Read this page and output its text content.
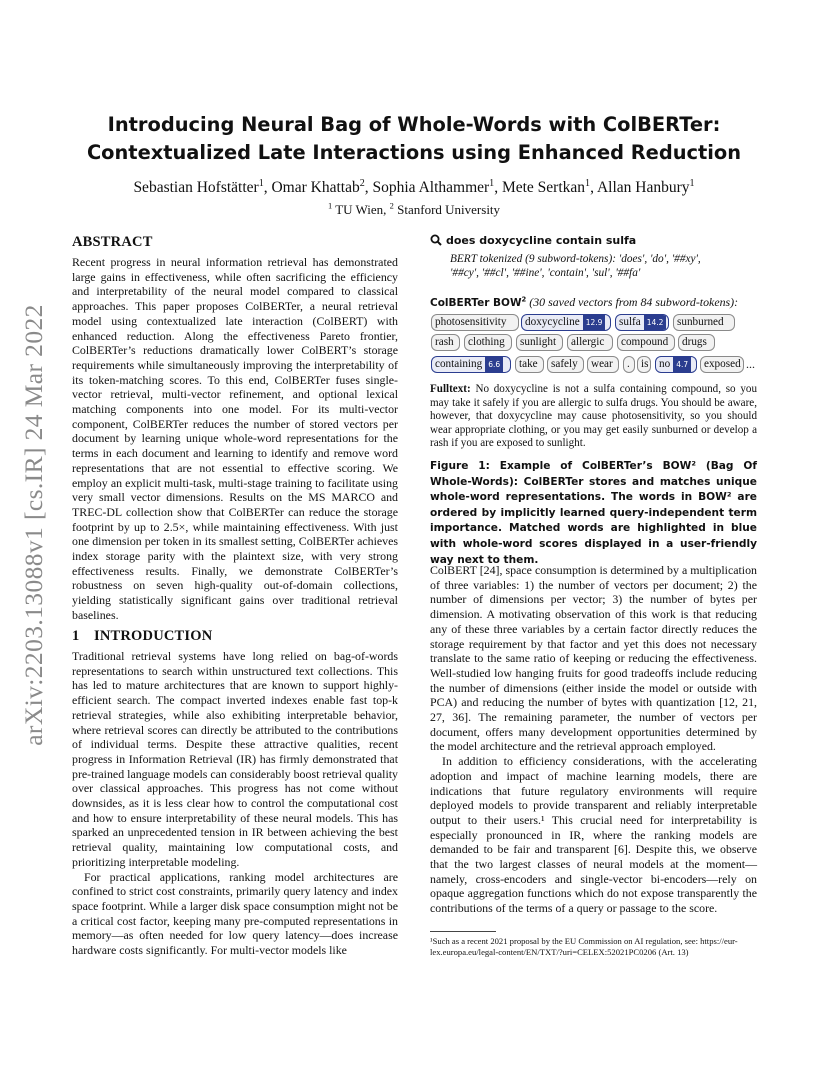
arXiv:2203.13088v1 [cs.IR] 24 Mar 2022
Introducing Neural Bag of Whole-Words with ColBERTer:
Contextualized Late Interactions using Enhanced Reduction
Sebastian Hofstätter$^1$, Omar Khattab$^2$, Sophia Althammer$^1$, Mete Sertkan$^1$, Allan Hanbury$^1$
$^1$ TU Wien, $^2$ Stanford University
ABSTRACT

Recent progress in neural information retrieval has demonstrated large gains in effectiveness, while often sacrificing the efficiency and interpretability of the neural model compared to classical approaches. This paper proposes ColBERTer, a neural retrieval model using contextualized late interaction (ColBERT) with enhanced reduction. Along the effectiveness Pareto frontier, ColBERTer’s reductions dramatically lower ColBERT’s storage requirements while simultaneously improving the interpretability of its token-matching scores. To this end, ColBERTer fuses single-vector retrieval, multi-vector refinement, and optional lexical matching components into one model. For its multi-vector component, ColBERTer reduces the number of stored vectors per document by learning unique whole-word representations for the terms in each document and learning to identify and remove word representations that are not essential to effective scoring. We employ an explicit multi-task, multi-stage training to facilitate using very small vector dimensions. Results on the MS MARCO and TREC-DL collection show that ColBERTer can reduce the storage footprint by up to 2.5×, while maintaining effectiveness. With just one dimension per token in its smallest setting, ColBERTer achieves index storage parity with the plaintext size, with very strong effectiveness results. Finally, we demonstrate ColBERTer’s robustness on seven high-quality out-of-domain collections, yielding statistically significant gains over traditional retrieval baselines.

1 INTRODUCTION

Traditional retrieval systems have long relied on bag-of-words representations to search within unstructured text collections. This has led to mature architectures that are known to support highly-efficient search. The compact inverted indexes enable fast top-k retrieval strategies, while also exhibiting interpretable behavior, where retrieval scores can directly be attributed to the contributions of individual terms. Despite these attractive qualities, recent progress in Information Retrieval (IR) has firmly demonstrated that pre-trained language models can considerably boost retrieval quality over classical approaches. This progress has not come without downsides, as it is less clear how to control the computational cost and how to ensure interpretability of these neural models. This has sparked an unprecedented tension in IR between achieving the best retrieval quality, maintaining low computational costs, and prioritizing interpretable modeling.

For practical applications, ranking model architectures are confined to strict cost constraints, primarily query latency and index space footprint. While a larger disk space consumption might not be a critical cost factor, keeping many pre-computed representations in memory—as often needed for low query latency—does increase hardware costs significantly. For multi-vector models like

does doxycycline contain sulfa
BERT tokenized (9 subword-tokens): 'does', 'do', '##xy',
'##cy', '##cl', '##ine', 'contain', 'sul', '##fa'
ColBERTer BOW$^2$ (30 saved vectors from 84 subword-tokens):
photosensitivity	doxycycline 12.9	sulfa 14.2	sunburned
rash	clothing	sunlight	allergic	compound	drugs
containing 6.6	take	safely	wear	.	is no 4.7	exposed ...
Fulltext: No doxycycline is not a sulfa containing compound, so you may take it safely if you are allergic to sulfa drugs. You should be aware, however, that doxycycline may cause photosensitivity, so you should wear appropriate clothing, or you may get easily sunburned or develop a rash if you are exposed to sunlight.
Figure 1: Example of ColBERTer’s BOW² (Bag Of Whole-Words): ColBERTer stores and matches unique whole-word representations. The words in BOW² are ordered by implicitly learned query-independent term importance. Matched words are highlighted in blue with whole-word scores displayed in a user-friendly way next to them.

ColBERT [24], space consumption is determined by a multiplication of three variables: 1) the number of vectors per document; 2) the number of dimensions per vector; 3) the number of bytes per dimension. A motivating observation of this work is that reducing any of these three variables by a certain factor directly reduces the storage requirement by that factor and yet this does not necessary translate to the same ratio of keeping or reducing the effectiveness. Well-studied low hanging fruits for good tradeoffs include reducing the number of dimensions (either inside the model or outside with PCA) and reducing the number of bytes with quantization [12, 21, 27, 36]. The remaining parameter, the number of vectors per document, offers many development opportunities determined by the model architecture and the retrieval approach employed.

In addition to efficiency considerations, with the accelerating adoption and impact of machine learning models, there are indications that future regulatory environments will require deployed models to provide transparent and reliably interpretable output to their users.¹ This crucial need for interpretability is especially pronounced in IR, where the ranking models are demanded to be fair and transparent [6]. Despite this, we observe that the two largest classes of neural models at the moment—namely, cross-encoders and single-vector bi-encoders—rely on opaque aggregation functions which do not expose transparently the contributions of the terms of a query or passage to the score.

¹Such as a recent 2021 proposal by the EU Commission on AI regulation, see: https://eur-lex.europa.eu/legal-content/EN/TXT/?uri=CELEX:52021PC0206 (Art. 13)
